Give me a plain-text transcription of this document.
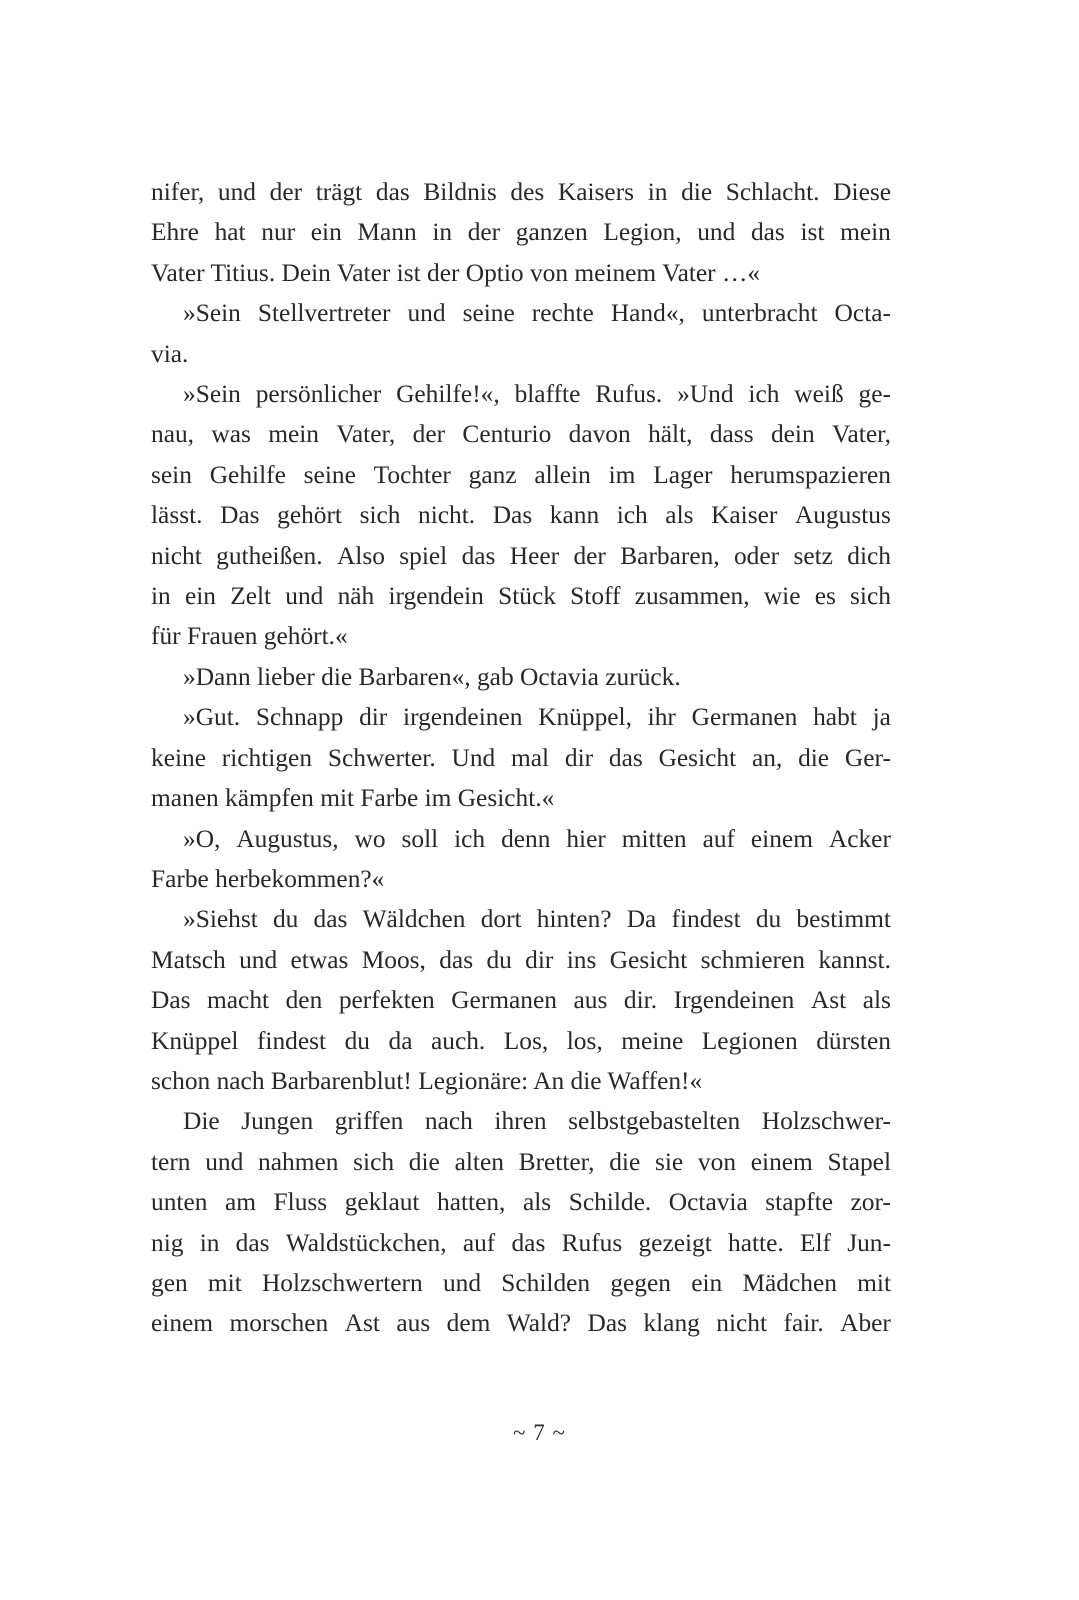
nifer, und der trägt das Bildnis des Kaisers in die Schlacht. Diese
Ehre hat nur ein Mann in der ganzen Legion, und das ist mein
Vater Titius. Dein Vater ist der Optio von meinem Vater …«

»Sein Stellvertreter und seine rechte Hand«, unterbracht Octa-
via.

»Sein persönlicher Gehilfe!«, blaffte Rufus. »Und ich weiß ge-
nau, was mein Vater, der Centurio davon hält, dass dein Vater,
sein Gehilfe seine Tochter ganz allein im Lager herumspazieren
lässt. Das gehört sich nicht. Das kann ich als Kaiser Augustus
nicht gutheißen. Also spiel das Heer der Barbaren, oder setz dich
in ein Zelt und näh irgendein Stück Stoff zusammen, wie es sich
für Frauen gehört.«

»Dann lieber die Barbaren«, gab Octavia zurück.

»Gut. Schnapp dir irgendeinen Knüppel, ihr Germanen habt ja
keine richtigen Schwerter. Und mal dir das Gesicht an, die Ger-
manen kämpfen mit Farbe im Gesicht.«

»O, Augustus, wo soll ich denn hier mitten auf einem Acker
Farbe herbekommen?«

»Siehst du das Wäldchen dort hinten? Da findest du bestimmt
Matsch und etwas Moos, das du dir ins Gesicht schmieren kannst.
Das macht den perfekten Germanen aus dir. Irgendeinen Ast als
Knüppel findest du da auch. Los, los, meine Legionen dürsten
schon nach Barbarenblut! Legionäre: An die Waffen!«

Die Jungen griffen nach ihren selbstgebastelten Holzschwer-
tern und nahmen sich die alten Bretter, die sie von einem Stapel
unten am Fluss geklaut hatten, als Schilde. Octavia stapfte zor-
nig in das Waldstückchen, auf das Rufus gezeigt hatte. Elf Jun-
gen mit Holzschwertern und Schilden gegen ein Mädchen mit
einem morschen Ast aus dem Wald? Das klang nicht fair. Aber

~ 7 ~
